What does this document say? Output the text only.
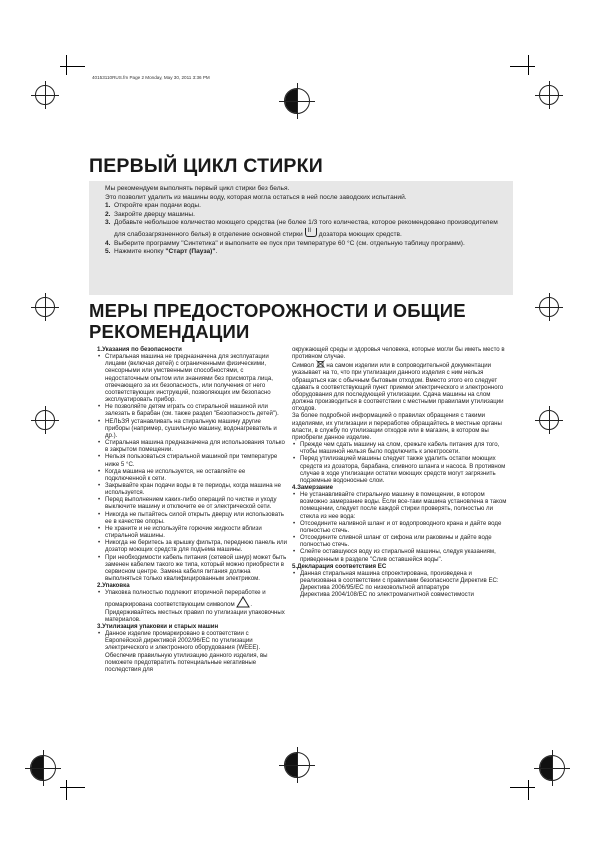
40153110RUS.fm Page 2 Monday, May 30, 2011 3:36 PM
ПЕРВЫЙ ЦИКЛ СТИРКИ

Мы рекомендуем выполнять первый цикл стирки без белья.

Это позволит удалить из машины воду, которая могла остаться в ней после заводских испытаний.

1. Откройте кран подачи воды.
2. Закройте дверцу машины.
3. Добавьте небольшое количество моющего средства (не более 1/3 того количества, которое рекомендовано производителем для слабозагрязненного белья) в отделение основной стиркиII дозатора моющих средств.
4. Выберите программу "Синтетика" и выполните ее пуск при температуре 60 °C (см. отдельную таблицу программ).
5. Нажмите кнопку "Старт (Пауза)".
МЕРЫ ПРЕДОСТОРОЖНОСТИ И ОБЩИЕ РЕКОМЕНДАЦИИ
1.Указания по безопасности
• Стиральная машина не предназначена для эксплуатации лицами (включая детей) с ограниченными физическими, сенсорными или умственными способностями, с недостаточным опытом или знаниями без присмотра лица, отвечающего за их безопасность, или получения от него соответствующих инструкций, позволяющих им безопасно эксплуатировать прибор.
• Не позволяйте детям играть со стиральной машиной или залезать в барабан (см. также раздел "Безопасность детей").
• НЕЛЬЗЯ устанавливать на стиральную машину другие приборы (например, сушильную машину, водонагреватель и др.).
• Стиральная машина предназначена для использования только в закрытом помещении.
• Нельзя пользоваться стиральной машиной при температуре ниже 5 °C.
• Когда машина не используется, не оставляйте ее подключенной к сети.
• Закрывайте кран подачи воды в те периоды, когда машина не используется.
• Перед выполнением каких-либо операций по чистке и уходу выключите машину и отключите ее от электрической сети.
• Никогда не пытайтесь силой открыть дверцу или использовать ее в качестве опоры.
• Не храните и не используйте горючие жидкости вблизи стиральной машины.
• Никогда не беритесь за крышку фильтра, переднюю панель или дозатор моющих средств для подъема машины.
• При необходимости кабель питания (сетевой шнур) может быть заменен кабелем такого же типа, который можно приобрести в сервисном центре. Замена кабеля питания должна выполняться только квалифицированным электриком.
2.Упаковка
• Упаковка полностью подлежит вторичной переработке и промаркирована соответствующим символом	. Придерживайтесь местных правил по утилизации упаковочных материалов.
3.Утилизация упаковки и старых машин
• Данное изделие промаркировано в соответствии с Европейской директивой 2002/96/EC по утилизации электрического и электронного оборудования (WEEE).
Обеспечив правильную утилизацию данного изделия, вы поможете предотвратить потенциальные негативные последствия для
окружающей среды и здоровья человека, которые могли бы иметь место в противном случае.
Символ на самом изделии или в сопроводительной документации указывает на то, что при утилизации данного изделия с ним нельзя обращаться как с обычным бытовым отходом. Вместо этого его следует сдавать в соответствующий пункт приемки электрического и электронного оборудования для последующей утилизации. Сдача машины на слом должна производиться в соответствии с местными правилами утилизации отходов.
За более подробной информацией о правилах обращения с такими изделиями, их утилизации и переработке обращайтесь в местные органы власти, в службу по утилизации отходов или в магазин, в котором вы приобрели данное изделие.
• Прежде чем сдать машину на слом, срежьте кабель питания для того, чтобы машиной нельзя было подключить к электросети.
• Перед утилизацией машины следует также удалить остатки моющих средств из дозатора, барабана, сливного шланга и насоса. В противном случае в ходе утилизации остатки моющих средств могут загрязнить подземные водоносные слои.
4.Замерзание
• Не устанавливайте стиральную машину в помещении, в котором возможно замерзание воды. Если все-таки машина установлена в таком помещении, следует после каждой стирки проверять, полностью ли стекла из нее вода:
• Отсоедините наливной шланг и от водопроводного крана и дайте воде полностью стечь.
• Отсоедините сливной шланг от сифона или раковины и дайте воде полностью стечь.
• Слейте оставшуюся воду из стиральной машины, следуя указаниям, приведенным в разделе "Слив оставшейся воды".
5.Декларация соответствия EC
• Данная стиральная машина спроектирована, произведена и реализована в соответствии с правилами безопасности Директив ЕС:
Директива 2006/95/EC по низковольтной аппаратуре
Директива 2004/108/EC по электромагнитной совместимости
